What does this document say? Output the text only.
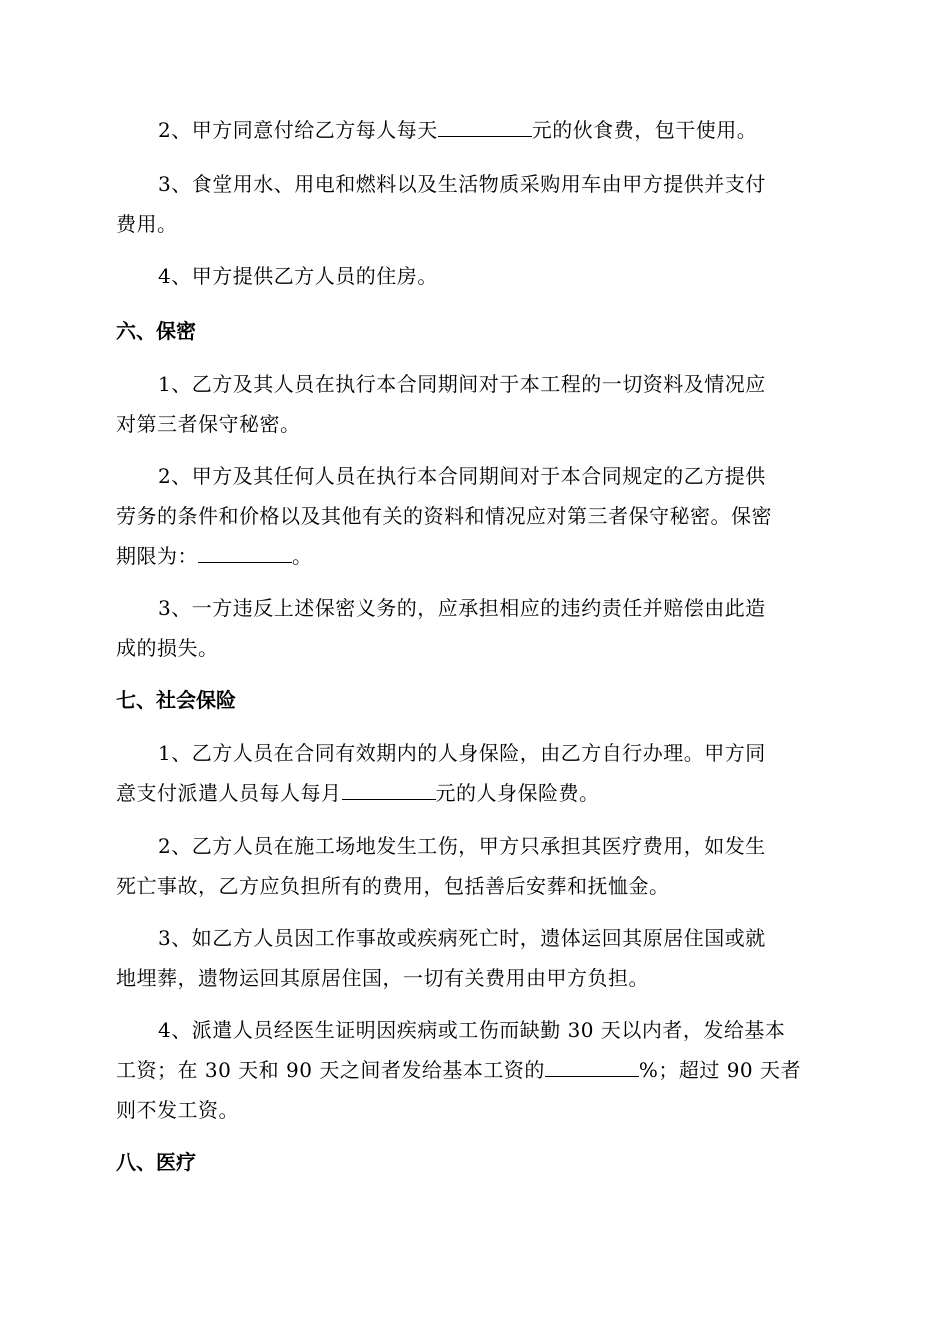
2、甲方同意付给乙方每人每天	元的伙食费，包干使用。

3、食堂用水、用电和燃料以及生活物质采购用车由甲方提供并支付
费用。

4、甲方提供乙方人员的住房。

六、保密

1、乙方及其人员在执行本合同期间对于本工程的一切资料及情况应
对第三者保守秘密。

2、甲方及其任何人员在执行本合同期间对于本合同规定的乙方提供
劳务的条件和价格以及其他有关的资料和情况应对第三者保守秘密。保密
期限为：	。

3、一方违反上述保密义务的，应承担相应的违约责任并赔偿由此造
成的损失。

七、社会保险

1、乙方人员在合同有效期内的人身保险，由乙方自行办理。甲方同
意支付派遣人员每人每月	元的人身保险费。

2、乙方人员在施工场地发生工伤，甲方只承担其医疗费用，如发生
死亡事故，乙方应负担所有的费用，包括善后安葬和抚恤金。

3、如乙方人员因工作事故或疾病死亡时，遗体运回其原居住国或就
地埋葬，遗物运回其原居住国，一切有关费用由甲方负担。

4、派遣人员经医生证明因疾病或工伤而缺勤 30 天以内者，发给基本
工资；在 30 天和 90 天之间者发给基本工资的	%；超过 90 天者
则不发工资。

八、医疗
